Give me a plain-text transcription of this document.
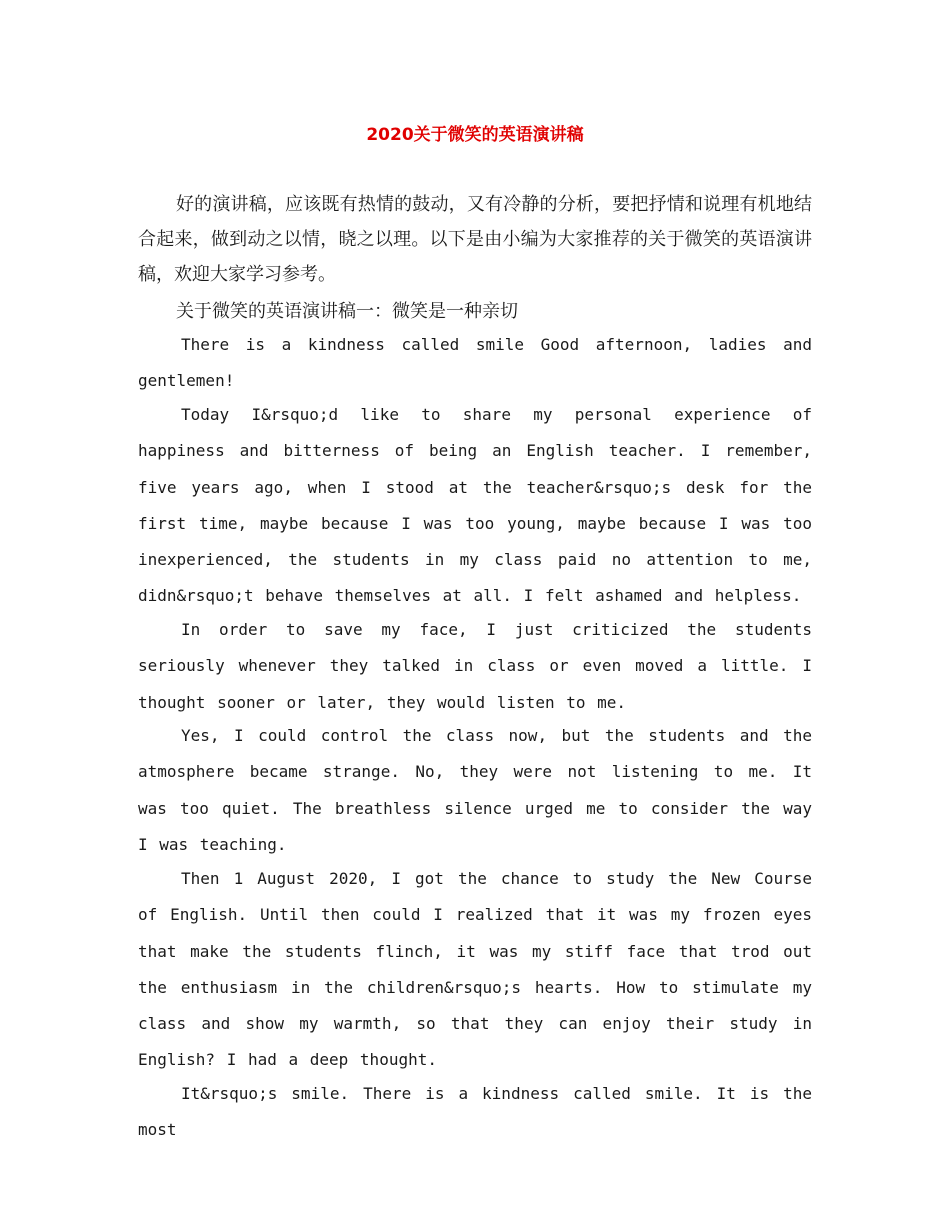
2020关于微笑的英语演讲稿

好的演讲稿，应该既有热情的鼓动，又有冷静的分析，要把抒情和说理有机地结合起来，做到动之以情，晓之以理。以下是由小编为大家推荐的关于微笑的英语演讲稿，欢迎大家学习参考。

关于微笑的英语演讲稿一：微笑是一种亲切

There is a kindness called smile Good afternoon, ladies and gentlemen!

Today I&rsquo;d like to share my personal experience of happiness and bitterness of being an English teacher. I remember, five years ago, when I stood at the teacher&rsquo;s desk for the first time, maybe because I was too young, maybe because I was too inexperienced, the students in my class paid no attention to me, didn&rsquo;t behave themselves at all. I felt ashamed and helpless.

In order to save my face, I just criticized the students seriously whenever they talked in class or even moved a little. I thought sooner or later, they would listen to me.

Yes, I could control the class now, but the students and the atmosphere became strange. No, they were not listening to me. It was too quiet. The breathless silence urged me to consider the way I was teaching.

Then 1 August 2020, I got the chance to study the New Course of English. Until then could I realized that it was my frozen eyes that make the students flinch, it was my stiff face that trod out the enthusiasm in the children&rsquo;s hearts. How to stimulate my class and show my warmth, so that they can enjoy their study in English? I had a deep thought.

It&rsquo;s smile. There is a kindness called smile. It is the most
